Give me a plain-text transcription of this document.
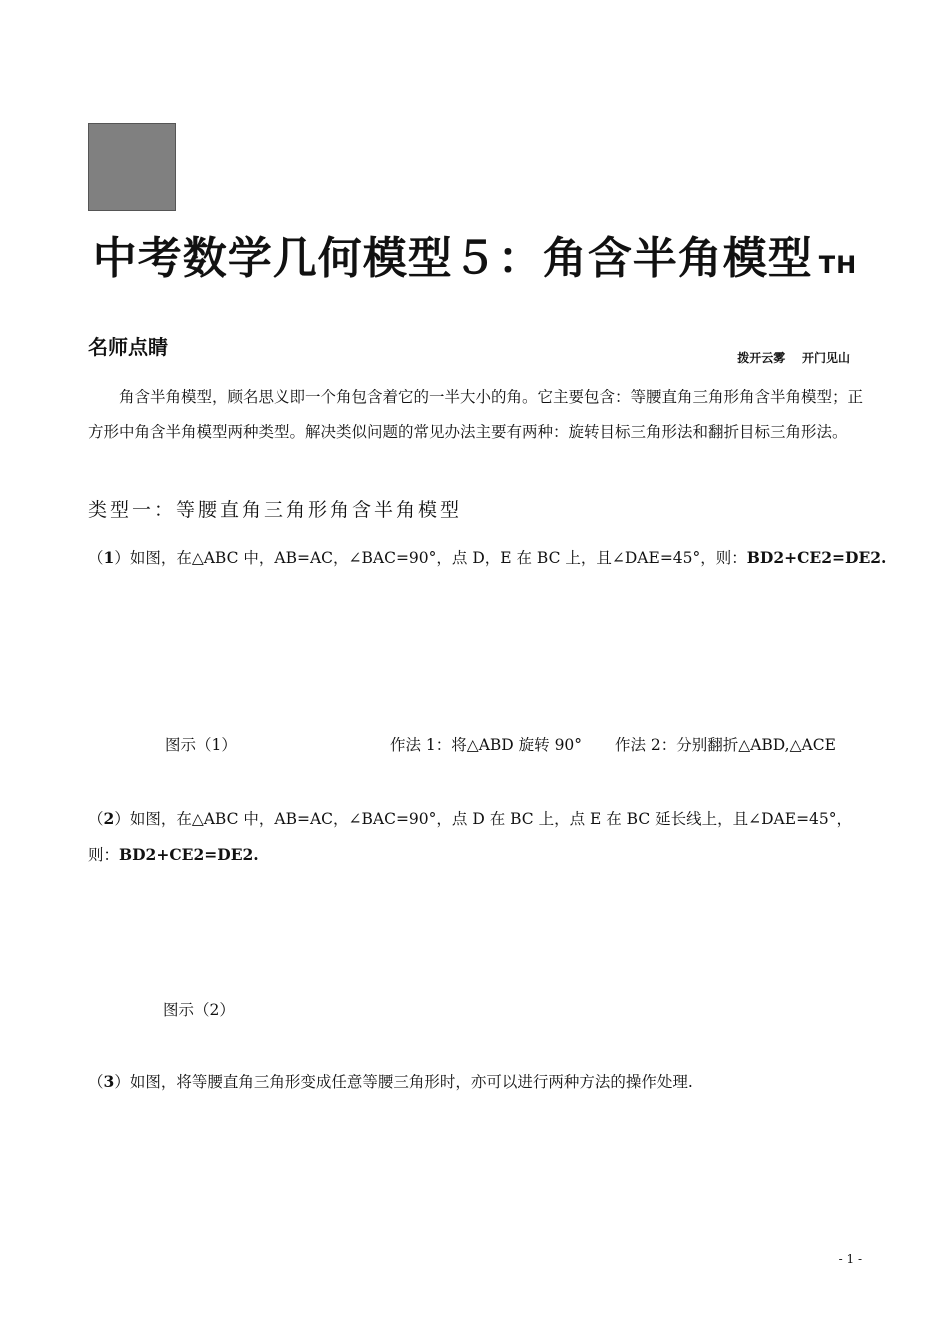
中考数学几何模型５：角含半角模型 TH
名师点睛	拨开云雾    开门见山
角含半角模型，顾名思义即一个角包含着它的一半大小的角。它主要包含：等腰直角三角形角含半角模型；正方形中角含半角模型两种类型。解决类似问题的常见办法主要有两种：旋转目标三角形法和翻折目标三角形法。
类型一：等腰直角三角形角含半角模型
（1）如图，在△ABC 中，AB=AC，∠BAC=90°，点 D，E 在 BC 上，且∠DAE=45°，则：BD2+CE2=DE2.
图示（1）	作法 1：将△ABD 旋转 90° 作法 2：分别翻折△ABD,△ACE
（2）如图，在△ABC 中，AB=AC，∠BAC=90°，点 D 在 BC 上，点 E 在 BC 延长线上，且∠DAE=45°，
则：BD2+CE2=DE2.
图示（2）
（3）如图，将等腰直角三角形变成任意等腰三角形时，亦可以进行两种方法的操作处理.
- 1 -
